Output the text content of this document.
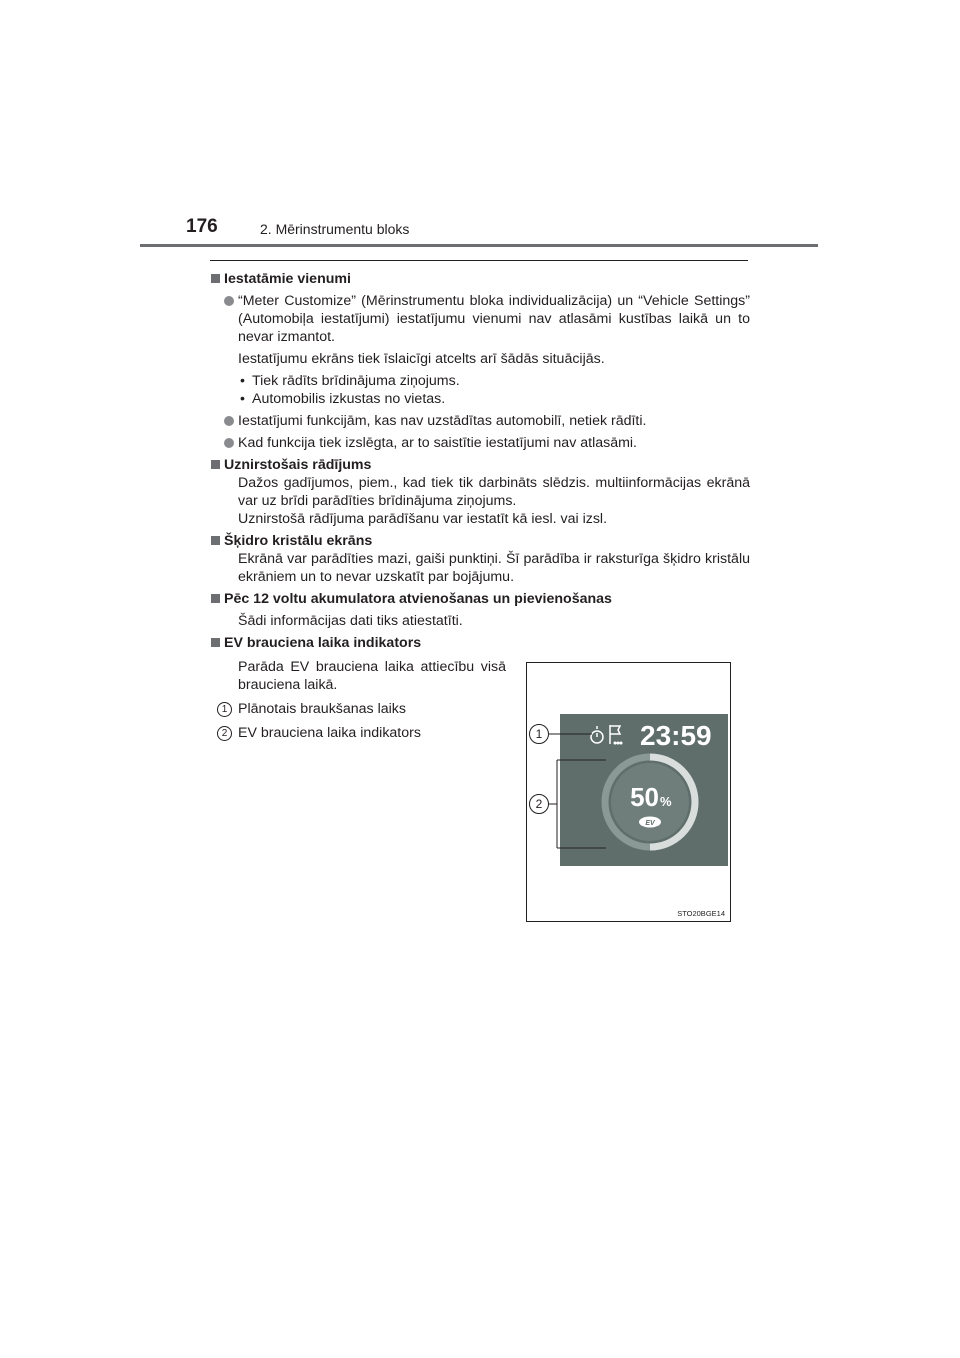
176	2. Mērinstrumentu bloks
Iestatāmie vienumi
“Meter Customize” (Mērinstrumentu bloka individualizācija) un “Vehicle Settings” (Automobiļa iestatījumi) iestatījumu vienumi nav atlasāmi kustības laikā un to nevar izmantot.
Iestatījumu ekrāns tiek īslaicīgi atcelts arī šādās situācijās.
• Tiek rādīts brīdinājuma ziņojums.
• Automobilis izkustas no vietas.
Iestatījumi funkcijām, kas nav uzstādītas automobilī, netiek rādīti.
Kad funkcija tiek izslēgta, ar to saistītie iestatījumi nav atlasāmi.
Uznirstošais rādījums
Dažos gadījumos, piem., kad tiek tik darbināts slēdzis. multiinformācijas ekrānā var uz brīdi parādīties brīdinājuma ziņojums.
Uznirstošā rādījuma parādīšanu var iestatīt kā iesl. vai izsl.
Šķidro kristālu ekrāns
Ekrānā var parādīties mazi, gaiši punktiņi. Šī parādība ir raksturīga šķidro kristālu ekrāniem un to nevar uzskatīt par bojājumu.
Pēc 12 voltu akumulatora atvienošanas un pievienošanas
Šādi informācijas dati tiks atiestatīti.
EV brauciena laika indikators
Parāda EV brauciena laika attiecību visā brauciena laikā.
1 Plānotais braukšanas laiks
2 EV brauciena laika indikators
STO20BGE14
23:59
50 %
EV
1
2
